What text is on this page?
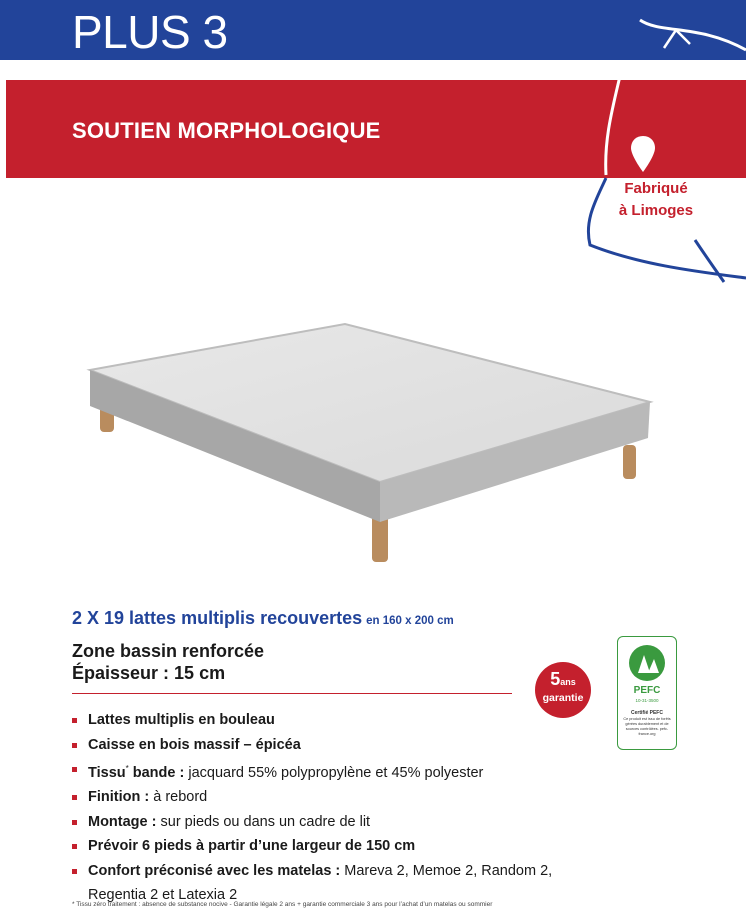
PLUS 3
SOUTIEN MORPHOLOGIQUE
Fabriqué
à Limoges
2 X 19 lattes multiplis recouvertes en 160 x 200 cm
Zone bassin renforcée
Épaisseur : 15 cm	5ans
garantie
PEFC
10-31-3500
Certifié PEFC
Ce produit est issu de forêts gérées durablement et de sources contrôlées. pefc-france.org
Lattes multiplis en bouleau
Caisse en bois massif – épicéa
Tissu* bande : jacquard 55% polypropylène et 45% polyester
Finition : à rebord
Montage : sur pieds ou dans un cadre de lit
Prévoir 6 pieds à partir d’une largeur de 150 cm
Confort préconisé avec les matelas : Mareva 2, Memoe 2, Random 2, Regentia 2 et Latexia 2
* Tissu zéro traitement : absence de substance nocive - Garantie légale 2 ans + garantie commerciale 3 ans pour l’achat d’un matelas ou sommier
